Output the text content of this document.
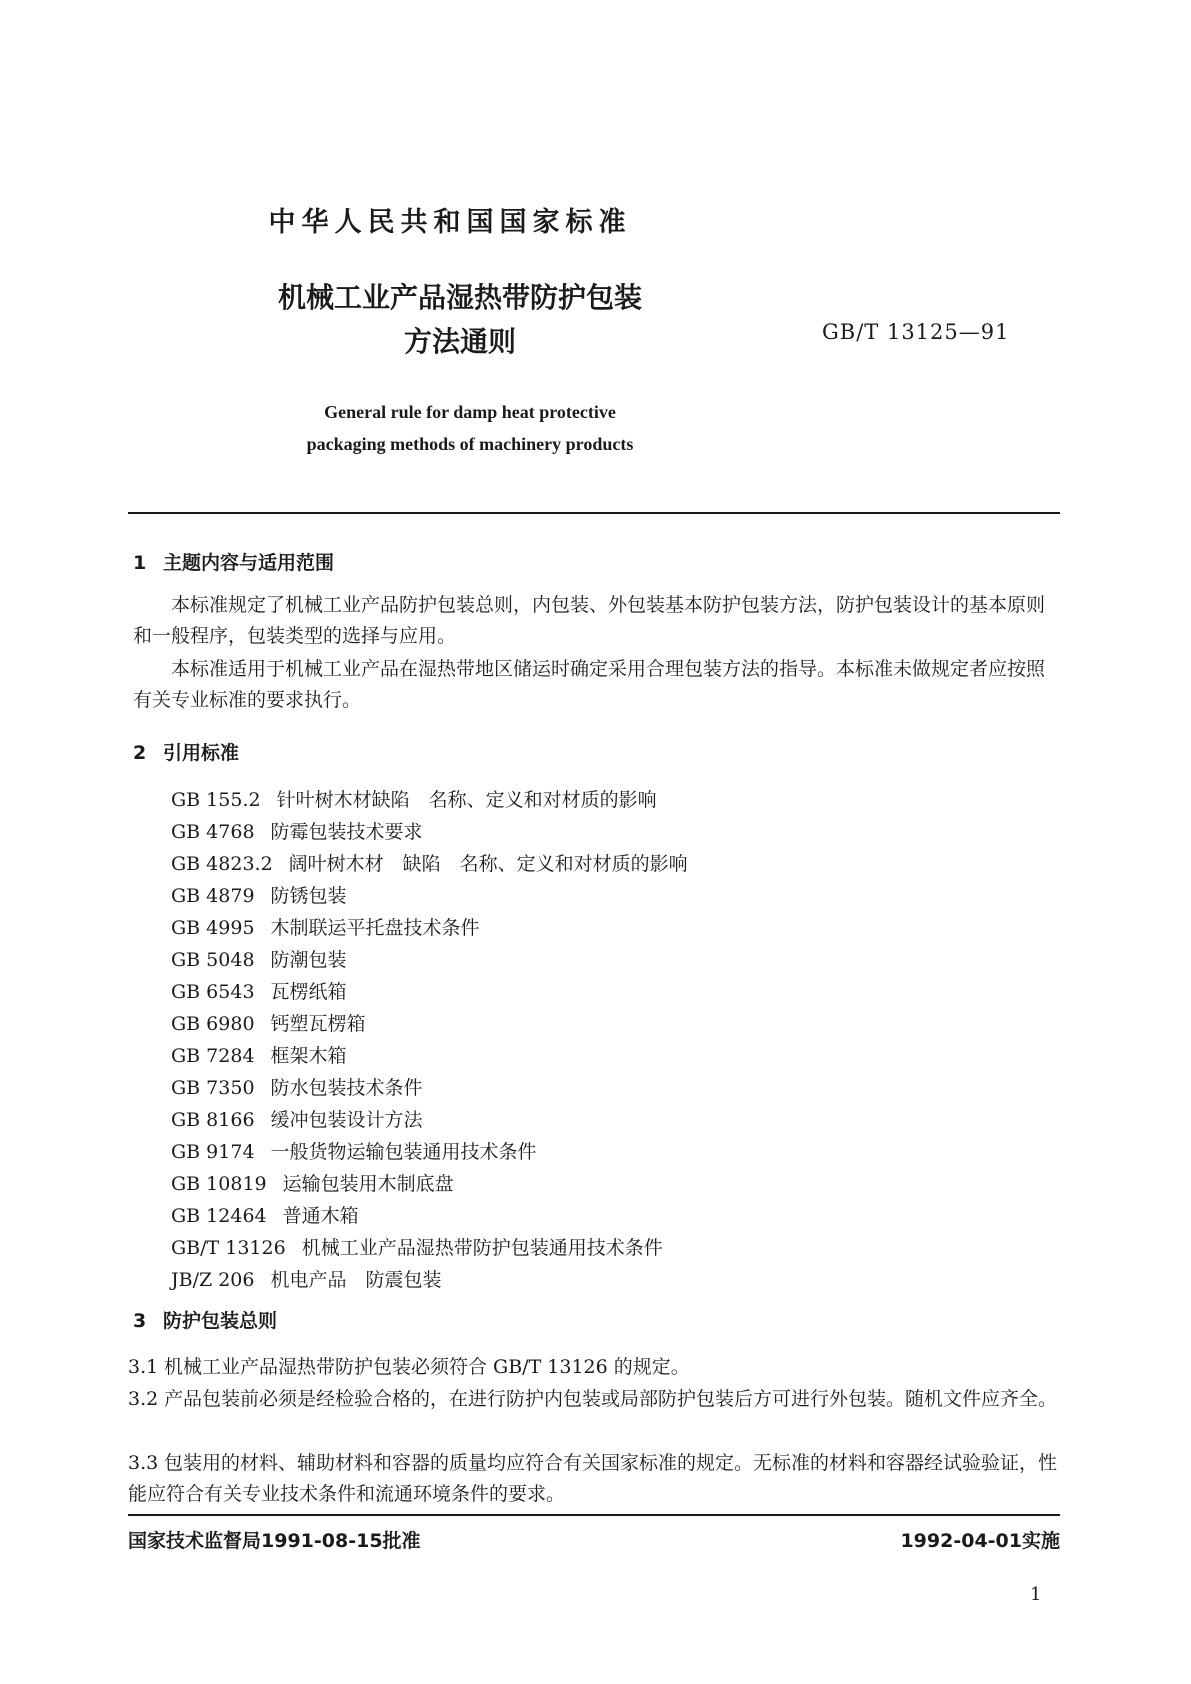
中华人民共和国国家标准
机械工业产品湿热带防护包装
方法通则	GB/T 13125—91
General rule for damp heat protective
packaging methods of machinery products
1 主题内容与适用范围
本标准规定了机械工业产品防护包装总则，内包装、外包装基本防护包装方法，防护包装设计的基本原则和一般程序，包装类型的选择与应用。
本标准适用于机械工业产品在湿热带地区储运时确定采用合理包装方法的指导。本标准未做规定者应按照有关专业标准的要求执行。
2 引用标准
GB 155.2 针叶树木材缺陷　名称、定义和对材质的影响
GB 4768 防霉包装技术要求
GB 4823.2 阔叶树木材　缺陷　名称、定义和对材质的影响
GB 4879 防锈包装
GB 4995 木制联运平托盘技术条件
GB 5048 防潮包装
GB 6543 瓦楞纸箱
GB 6980 钙塑瓦楞箱
GB 7284 框架木箱
GB 7350 防水包装技术条件
GB 8166 缓冲包装设计方法
GB 9174 一般货物运输包装通用技术条件
GB 10819 运输包装用木制底盘
GB 12464 普通木箱
GB/T 13126 机械工业产品湿热带防护包装通用技术条件
JB/Z 206 机电产品　防震包装
3 防护包装总则
3.1 机械工业产品湿热带防护包装必须符合 GB/T 13126 的规定。
3.2 产品包装前必须是经检验合格的，在进行防护内包装或局部防护包装后方可进行外包装。随机文件应齐全。
3.3 包装用的材料、辅助材料和容器的质量均应符合有关国家标准的规定。无标准的材料和容器经试验验证，性能应符合有关专业技术条件和流通环境条件的要求。
国家技术监督局1991-08-15批准	1992-04-01实施
1
